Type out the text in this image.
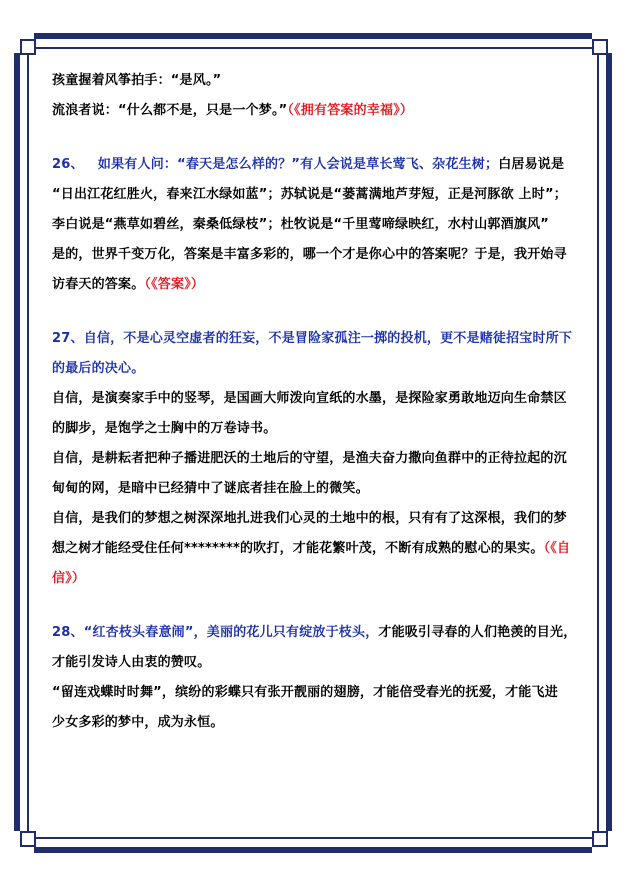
孩童握着风筝拍手：“是风。”

流浪者说：“什么都不是，只是一个梦。”（《拥有答案的幸福》）

26、 如果有人问：“春天是怎么样的？”有人会说是草长莺飞、杂花生树；白居易说是

“日出江花红胜火，春来江水绿如蓝”；苏轼说是“蒌蒿满地芦芽短，正是河豚欲 上时”；

李白说是“燕草如碧丝，秦桑低绿枝”；杜牧说是“千里莺啼绿映红，水村山郭酒旗风”

是的，世界千变万化，答案是丰富多彩的，哪一个才是你心中的答案呢？于是，我开始寻

访春天的答案。（《答案》）

27、自信，不是心灵空虚者的狂妄，不是冒险家孤注一掷的投机，更不是赌徒招宝时所下

的最后的决心。

自信，是演奏家手中的竖琴，是国画大师泼向宣纸的水墨，是探险家勇敢地迈向生命禁区

的脚步，是饱学之士胸中的万卷诗书。

自信，是耕耘者把种子播进肥沃的土地后的守望，是渔夫奋力撒向鱼群中的正待拉起的沉

甸甸的网，是暗中已经猜中了谜底者挂在脸上的微笑。

自信，是我们的梦想之树深深地扎进我们心灵的土地中的根，只有有了这深根，我们的梦

想之树才能经受住任何********的吹打，才能花繁叶茂，不断有成熟的慰心的果实。（《自

信》）

28、“红杏枝头春意闹”，美丽的花儿只有绽放于枝头，才能吸引寻春的人们艳羡的目光，

才能引发诗人由衷的赞叹。

“留连戏蝶时时舞”，缤纷的彩蝶只有张开靓丽的翅膀，才能倍受春光的抚爱，才能飞进

少女多彩的梦中，成为永恒。
